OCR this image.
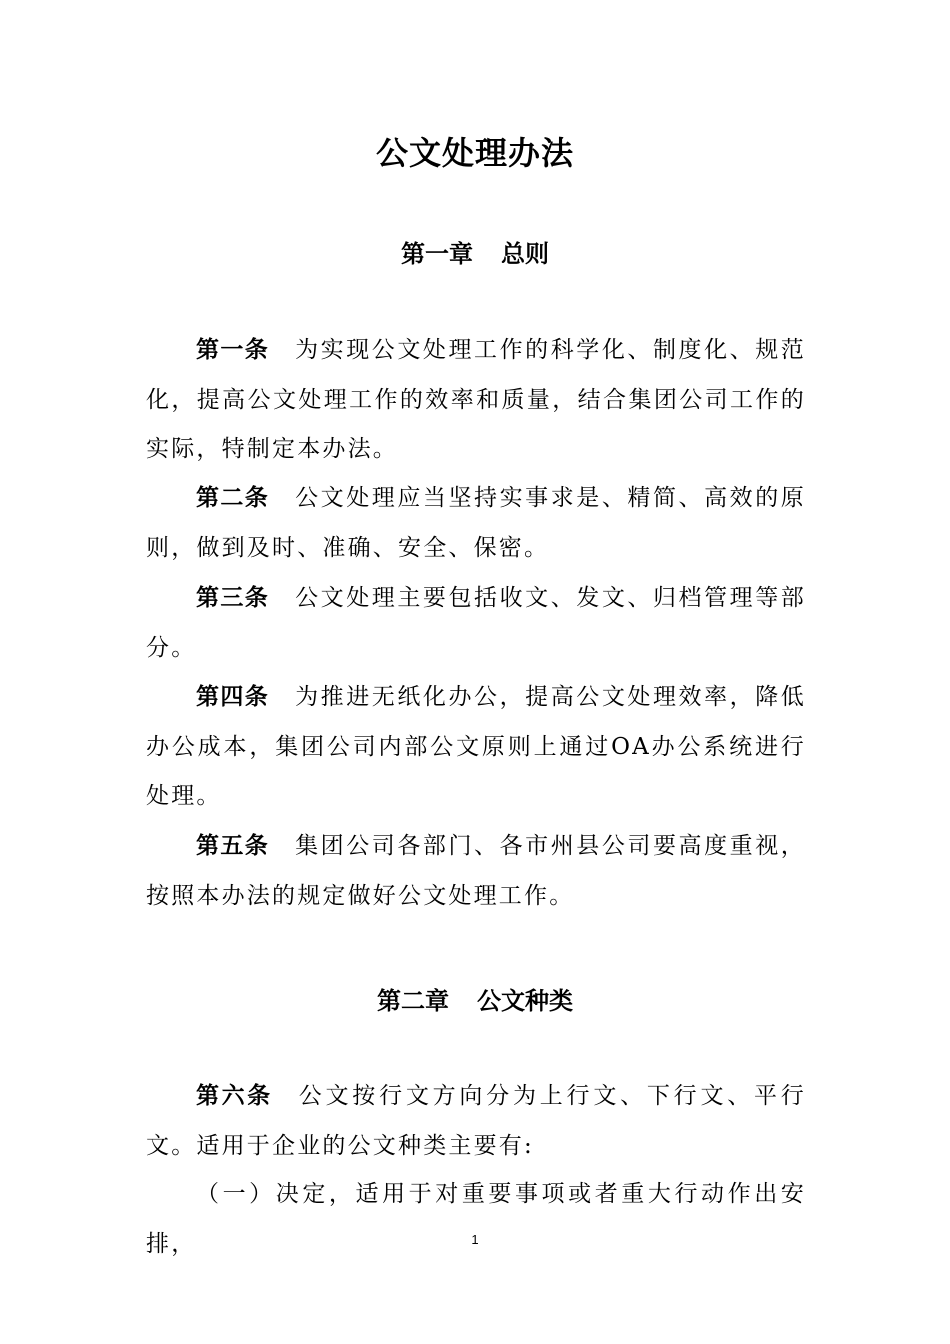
公文处理办法
第一章 总则

第一条 为实现公文处理工作的科学化、制度化、规范化，提高公文处理工作的效率和质量，结合集团公司工作的实际，特制定本办法。

第二条 公文处理应当坚持实事求是、精简、高效的原则，做到及时、准确、安全、保密。

第三条 公文处理主要包括收文、发文、归档管理等部分。

第四条 为推进无纸化办公，提高公文处理效率，降低办公成本，集团公司内部公文原则上通过OA办公系统进行处理。

第五条 集团公司各部门、各市州县公司要高度重视，按照本办法的规定做好公文处理工作。

第二章 公文种类

第六条 公文按行文方向分为上行文、下行文、平行文。适用于企业的公文种类主要有:

（一）决定，适用于对重要事项或者重大行动作出安排，	1
